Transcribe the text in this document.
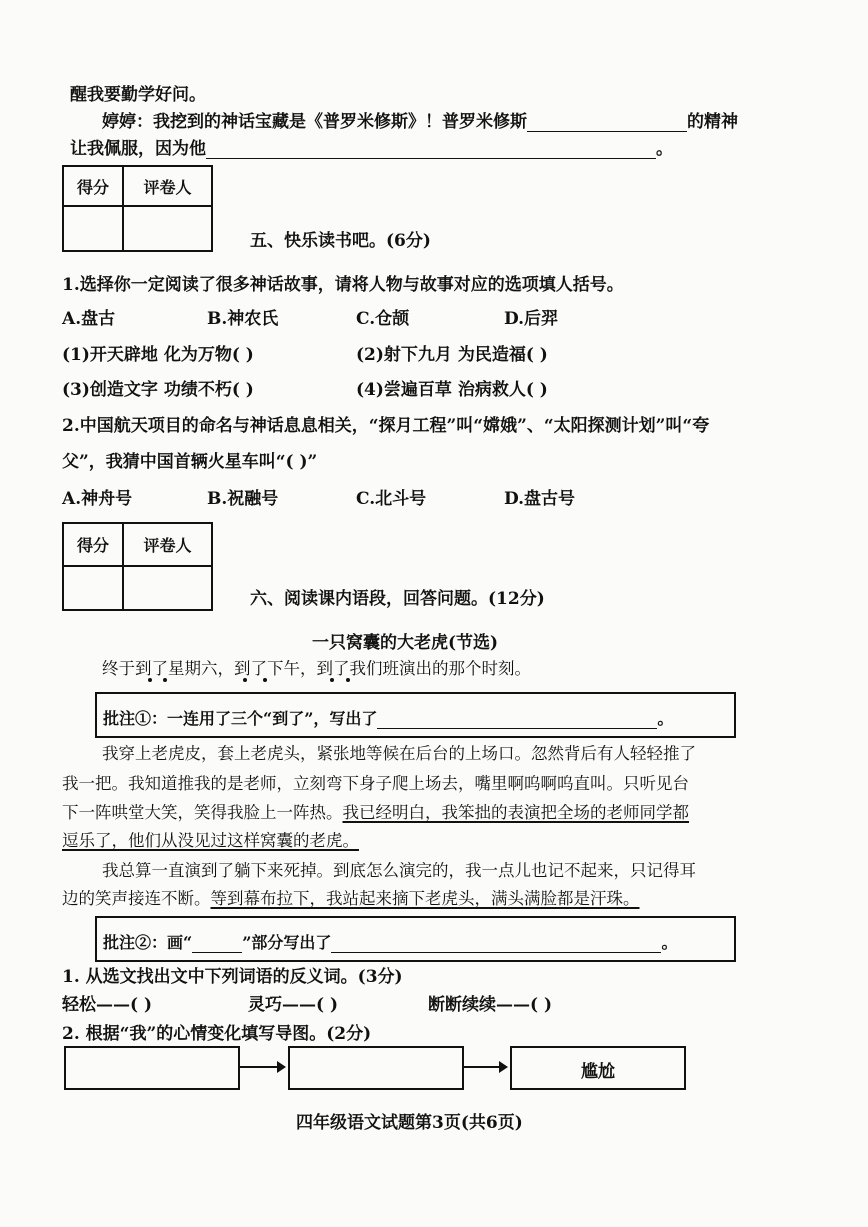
醒我要勤学好问。
婷婷：我挖到的神话宝藏是《普罗米修斯》！普罗米修斯	的精神
让我佩服，因为他	。
得分	评卷人

五、快乐读书吧。(6分)
1.选择你一定阅读了很多神话故事，请将人物与故事对应的选项填人括号。
A.盘古	B.神农氏	C.仓颉	D.后羿
(1)开天辟地 化为万物( )	(2)射下九月 为民造福( )
(3)创造文字 功绩不朽( )	(4)尝遍百草 治病救人( )
2.中国航天项目的命名与神话息息相关，“探月工程”叫“嫦娥”、“太阳探测计划”叫“夸
父”，我猜中国首辆火星车叫“( )”
A.神舟号	B.祝融号	C.北斗号	D.盘古号
得分	评卷人

六、阅读课内语段，回答问题。(12分)
一只窝囊的大老虎(节选)
终于到了星期六，到了下午，到了我们班演出的那个时刻。
批注①：一连用了三个“到了”，写出了	。
我穿上老虎皮，套上老虎头，紧张地等候在后台的上场口。忽然背后有人轻轻推了
我一把。我知道推我的是老师，立刻弯下身子爬上场去，嘴里啊呜啊呜直叫。只听见台
下一阵哄堂大笑，笑得我脸上一阵热。我已经明白，我笨拙的表演把全场的老师同学都
逗乐了，他们从没见过这样窝囊的老虎。
我总算一直演到了躺下来死掉。到底怎么演完的，我一点儿也记不起来，只记得耳
边的笑声接连不断。等到幕布拉下，我站起来摘下老虎头，满头满脸都是汗珠。
批注②：画“	”部分写出了	。
1. 从选文找出文中下列词语的反义词。(3分)
轻松——( )	灵巧——( )	断断续续——( )
2. 根据“我”的心情变化填写导图。(2分)
尴尬
四年级语文试题第3页(共6页)
